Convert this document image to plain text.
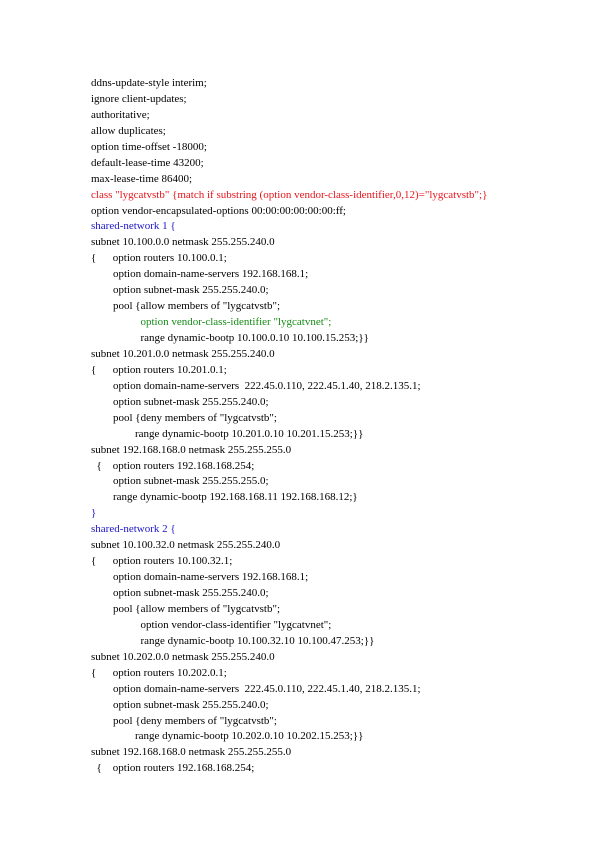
ddns-update-style interim;
ignore client-updates;
authoritative;
allow duplicates;
option time-offset -18000;
default-lease-time 43200;
max-lease-time 86400;
class "lygcatvstb" {match if substring (option vendor-class-identifier,0,12)="lygcatvstb";}
option vendor-encapsulated-options 00:00:00:00:00:00:ff;
shared-network 1 {
subnet 10.100.0.0 netmask 255.255.240.0
{      option routers 10.100.0.1;
option domain-name-servers 192.168.168.1;
option subnet-mask 255.255.240.0;
pool {allow members of "lygcatvstb";
option vendor-class-identifier "lygcatvnet";
range dynamic-bootp 10.100.0.10 10.100.15.253;}}
subnet 10.201.0.0 netmask 255.255.240.0
{      option routers 10.201.0.1;
option domain-name-servers  222.45.0.110, 222.45.1.40, 218.2.135.1;
option subnet-mask 255.255.240.0;
pool {deny members of "lygcatvstb";
range dynamic-bootp 10.201.0.10 10.201.15.253;}}
subnet 192.168.168.0 netmask 255.255.255.0
{    option routers 192.168.168.254;
option subnet-mask 255.255.255.0;
range dynamic-bootp 192.168.168.11 192.168.168.12;}
}
shared-network 2 {
subnet 10.100.32.0 netmask 255.255.240.0
{      option routers 10.100.32.1;
option domain-name-servers 192.168.168.1;
option subnet-mask 255.255.240.0;
pool {allow members of "lygcatvstb";
option vendor-class-identifier "lygcatvnet";
range dynamic-bootp 10.100.32.10 10.100.47.253;}}
subnet 10.202.0.0 netmask 255.255.240.0
{      option routers 10.202.0.1;
option domain-name-servers  222.45.0.110, 222.45.1.40, 218.2.135.1;
option subnet-mask 255.255.240.0;
pool {deny members of "lygcatvstb";
range dynamic-bootp 10.202.0.10 10.202.15.253;}}
subnet 192.168.168.0 netmask 255.255.255.0
{    option routers 192.168.168.254;
